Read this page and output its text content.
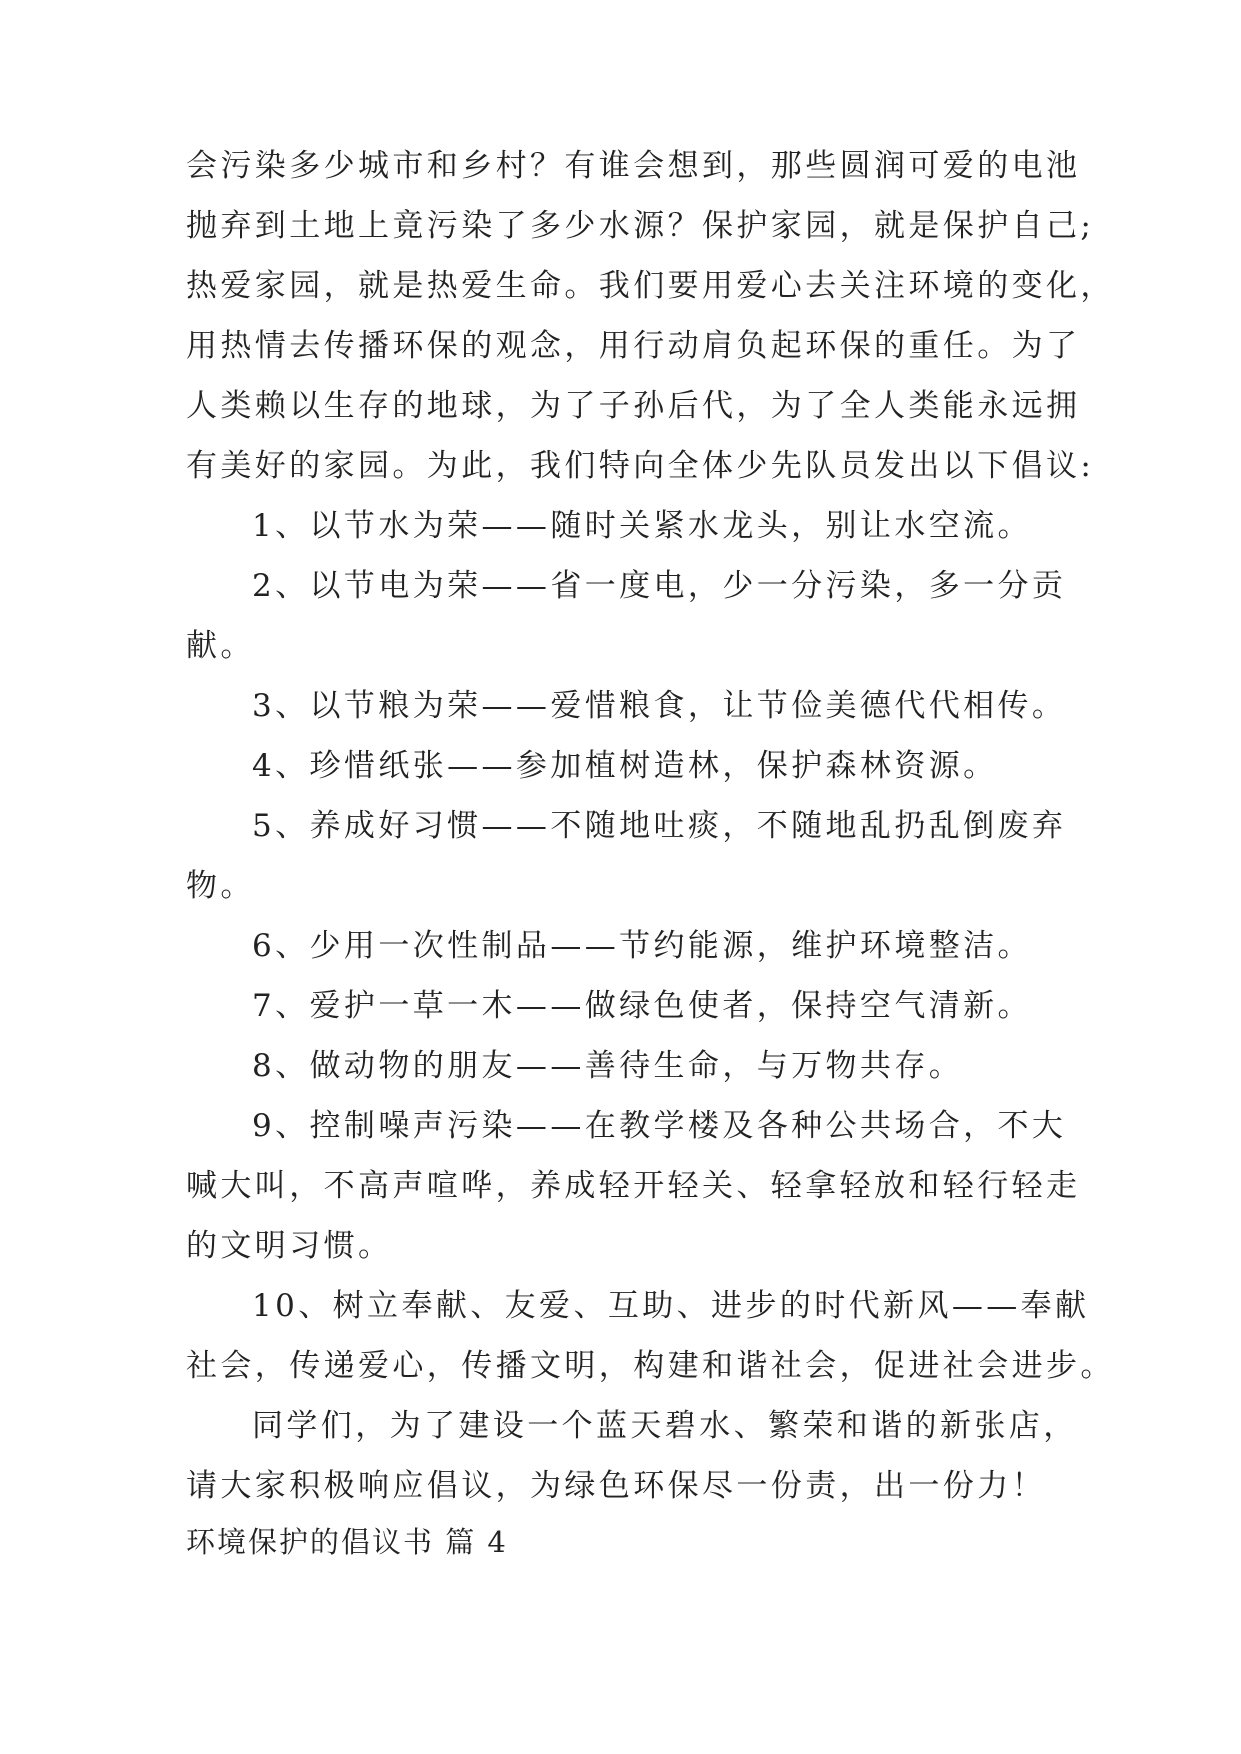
会污染多少城市和乡村？有谁会想到，那些圆润可爱的电池
抛弃到土地上竟污染了多少水源？保护家园，就是保护自己;
热爱家园，就是热爱生命。我们要用爱心去关注环境的变化，
用热情去传播环保的观念，用行动肩负起环保的重任。为了
人类赖以生存的地球，为了子孙后代，为了全人类能永远拥
有美好的家园。为此，我们特向全体少先队员发出以下倡议:
1、以节水为荣——随时关紧水龙头，别让水空流。
2、以节电为荣——省一度电，少一分污染，多一分贡
献。
3、以节粮为荣——爱惜粮食，让节俭美德代代相传。
4、珍惜纸张——参加植树造林，保护森林资源。
5、养成好习惯——不随地吐痰，不随地乱扔乱倒废弃
物。
6、少用一次性制品——节约能源，维护环境整洁。
7、爱护一草一木——做绿色使者，保持空气清新。
8、做动物的朋友——善待生命，与万物共存。
9、控制噪声污染——在教学楼及各种公共场合，不大
喊大叫，不高声喧哗，养成轻开轻关、轻拿轻放和轻行轻走
的文明习惯。
10、树立奉献、友爱、互助、进步的时代新风——奉献
社会，传递爱心，传播文明，构建和谐社会，促进社会进步。
同学们，为了建设一个蓝天碧水、繁荣和谐的新张店，
请大家积极响应倡议，为绿色环保尽一份责，出一份力！
环境保护的倡议书 篇 4
